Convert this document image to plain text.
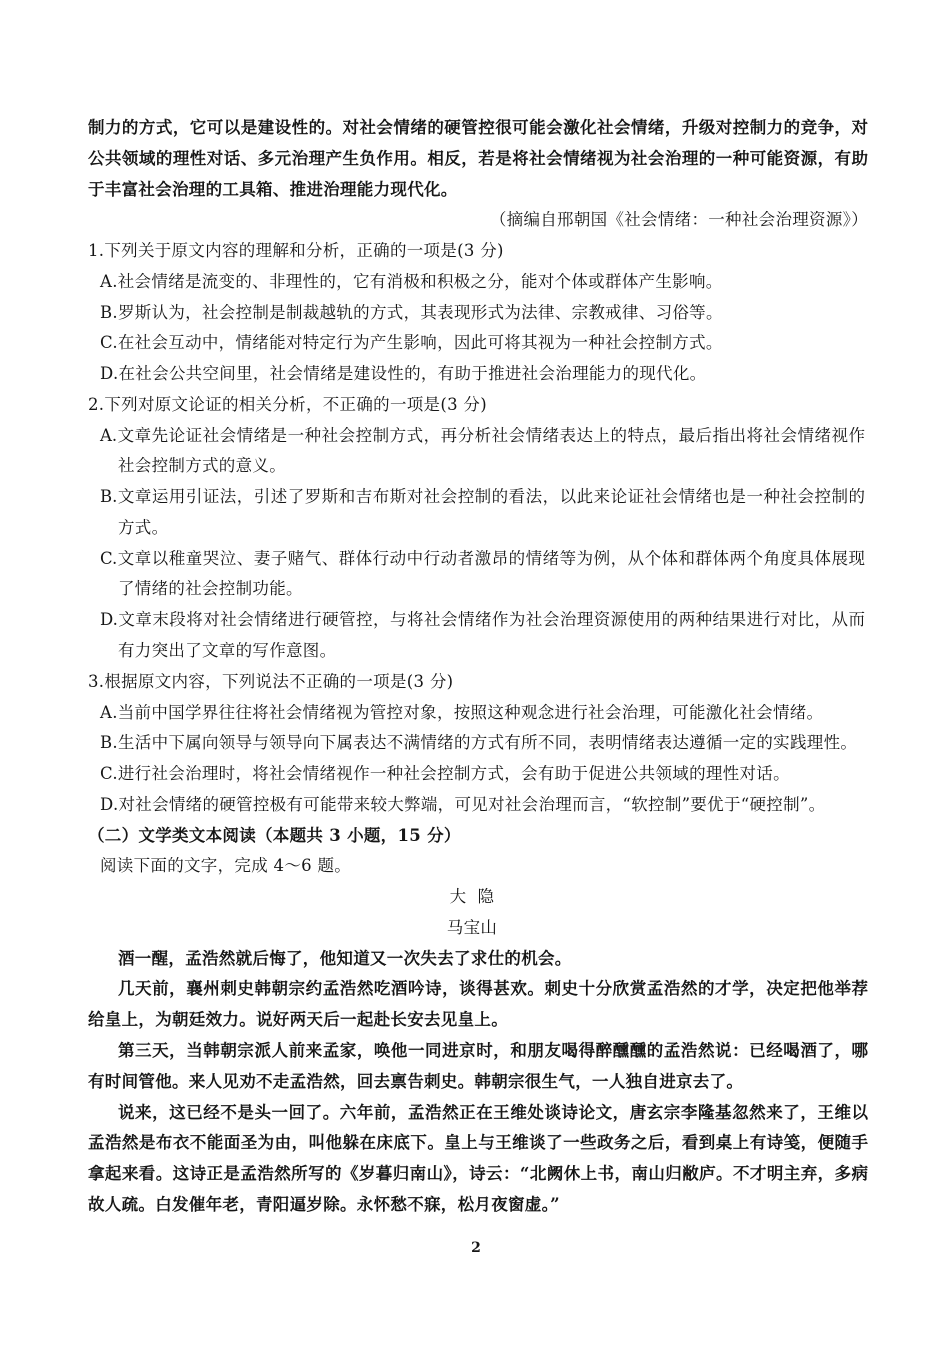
制力的方式，它可以是建设性的。对社会情绪的硬管控很可能会激化社会情绪，升级对控制力的竞争，对
公共领域的理性对话、多元治理产生负作用。相反，若是将社会情绪视为社会治理的一种可能资源，有助
于丰富社会治理的工具箱、推进治理能力现代化。
（摘编自邢朝国《社会情绪：一种社会治理资源》）
1.下列关于原文内容的理解和分析，正确的一项是(3 分)
A.社会情绪是流变的、非理性的，它有消极和积极之分，能对个体或群体产生影响。
B.罗斯认为，社会控制是制裁越轨的方式，其表现形式为法律、宗教戒律、习俗等。
C.在社会互动中，情绪能对特定行为产生影响，因此可将其视为一种社会控制方式。
D.在社会公共空间里，社会情绪是建设性的，有助于推进社会治理能力的现代化。
2.下列对原文论证的相关分析，不正确的一项是(3 分)
A.文章先论证社会情绪是一种社会控制方式，再分析社会情绪表达上的特点，最后指出将社会情绪视作
社会控制方式的意义。
B.文章运用引证法，引述了罗斯和吉布斯对社会控制的看法，以此来论证社会情绪也是一种社会控制的
方式。
C.文章以稚童哭泣、妻子赌气、群体行动中行动者激昂的情绪等为例，从个体和群体两个角度具体展现
了情绪的社会控制功能。
D.文章末段将对社会情绪进行硬管控，与将社会情绪作为社会治理资源使用的两种结果进行对比，从而
有力突出了文章的写作意图。
3.根据原文内容，下列说法不正确的一项是(3 分)
A.当前中国学界往往将社会情绪视为管控对象，按照这种观念进行社会治理，可能激化社会情绪。
B.生活中下属向领导与领导向下属表达不满情绪的方式有所不同，表明情绪表达遵循一定的实践理性。
C.进行社会治理时，将社会情绪视作一种社会控制方式，会有助于促进公共领域的理性对话。
D.对社会情绪的硬管控极有可能带来较大弊端，可见对社会治理而言，“软控制”要优于“硬控制”。
（二）文学类文本阅读（本题共 3 小题，15 分）
阅读下面的文字，完成 4～6 题。
大  隐
马宝山
酒一醒，孟浩然就后悔了，他知道又一次失去了求仕的机会。
几天前，襄州刺史韩朝宗约孟浩然吃酒吟诗，谈得甚欢。刺史十分欣赏孟浩然的才学，决定把他举荐
给皇上，为朝廷效力。说好两天后一起赴长安去见皇上。
第三天，当韩朝宗派人前来孟家，唤他一同进京时，和朋友喝得醉醺醺的孟浩然说：已经喝酒了，哪
有时间管他。来人见劝不走孟浩然，回去禀告刺史。韩朝宗很生气，一人独自进京去了。
说来，这已经不是头一回了。六年前，孟浩然正在王维处谈诗论文，唐玄宗李隆基忽然来了，王维以
孟浩然是布衣不能面圣为由，叫他躲在床底下。皇上与王维谈了一些政务之后，看到桌上有诗笺，便随手
拿起来看。这诗正是孟浩然所写的《岁暮归南山》，诗云：“北阙休上书，南山归敝庐。不才明主弃，多病
故人疏。白发催年老，青阳逼岁除。永怀愁不寐，松月夜窗虚。”
2
